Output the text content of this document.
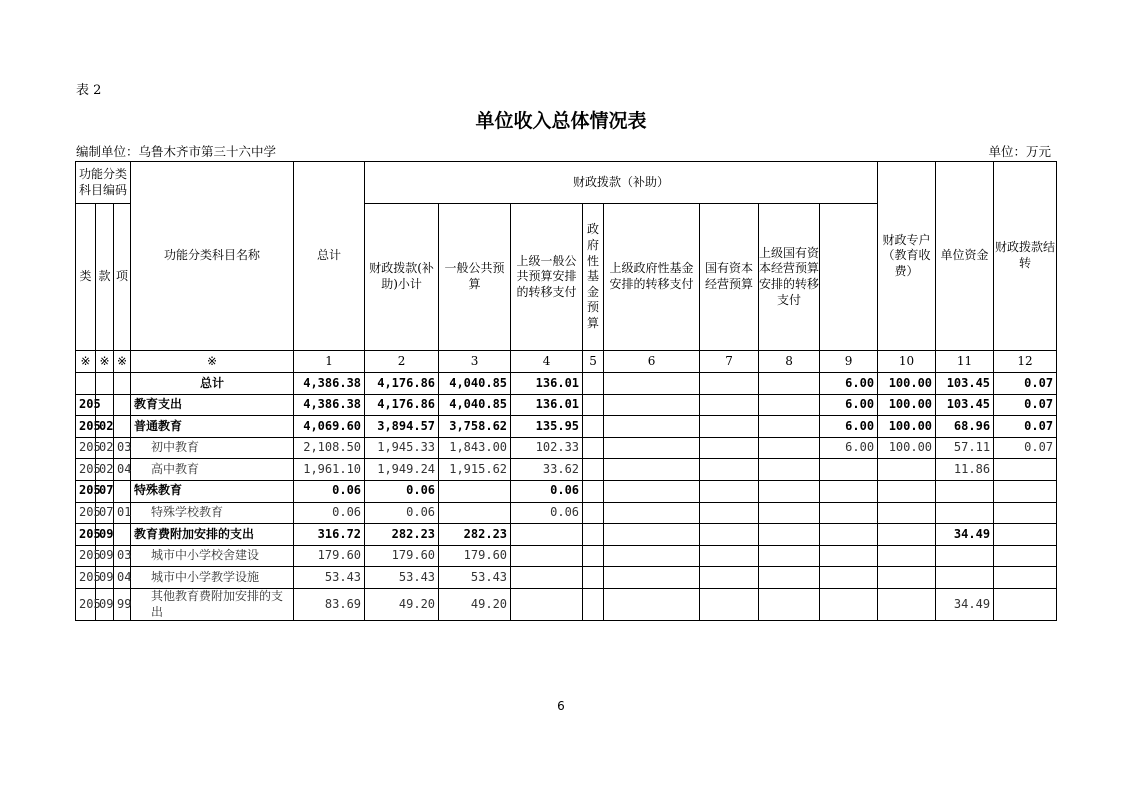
表 2
单位收入总体情况表
编制单位：乌鲁木齐市第三十六中学	单位：万元
功能分类科目编码			功能分类科目名称	总计	财政拨款（补助）								财政专户（教育收费）	单位资金	财政拨款结转	
类	款	项			财政拨款(补助)小计	一般公共预算	上级一般公共预算安排的转移支付	政府性基金预算	上级政府性基金安排的转移支付	国有资本经营预算	上级国有资本经营预算安排的转移支付					
※	※	※	※	1	2	3	4	5	6	7	8	9	10	11	12	
			总计	4,386.38	4,176.86	4,040.85	136.01					6.00	100.00	103.45	0.07	
205			教育支出	4,386.38	4,176.86	4,040.85	136.01					6.00	100.00	103.45	0.07	
205	02		普通教育	4,069.60	3,894.57	3,758.62	135.95					6.00	100.00	68.96	0.07	
205	02	03	初中教育	2,108.50	1,945.33	1,843.00	102.33					6.00	100.00	57.11	0.07	
205	02	04	高中教育	1,961.10	1,949.24	1,915.62	33.62							11.86		
205	07		特殊教育	0.06	0.06		0.06									
205	07	01	特殊学校教育	0.06	0.06		0.06									
205	09		教育费附加安排的支出	316.72	282.23	282.23								34.49		
205	09	03	城市中小学校舍建设	179.60	179.60	179.60										
205	09	04	城市中小学教学设施	53.43	53.43	53.43										
205	09	99	其他教育费附加安排的支出	83.69	49.20	49.20								34.49		
6
